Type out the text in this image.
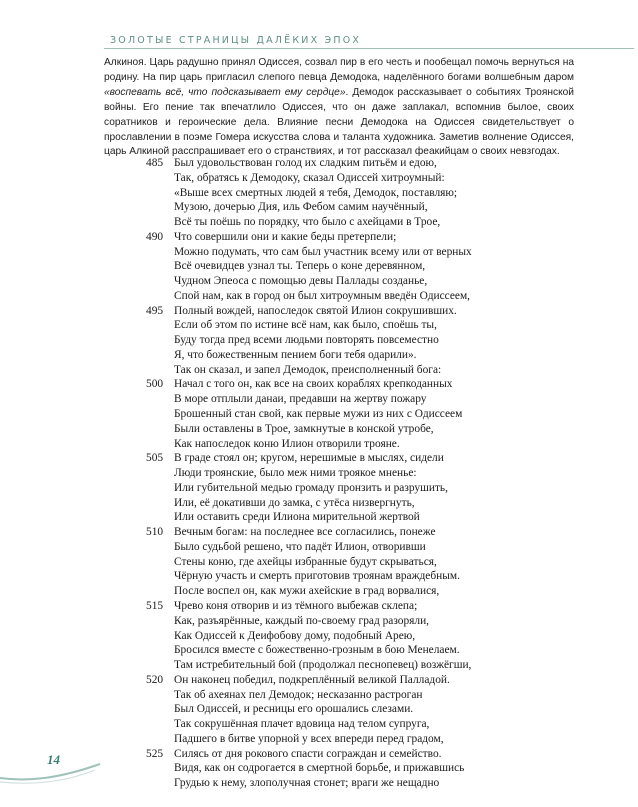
ЗОЛОТЫЕ СТРАНИЦЫ ДАЛЁКИХ ЭПОХ

Алкиноя. Царь радушно принял Одиссея, созвал пир в его честь и пообещал помочь вернуться на родину. На пир царь пригласил слепого певца Демодока, наделённого богами волшебным даром «воспевать всё, что подсказывает ему сердце». Демодок рассказывает о событиях Троянской войны. Его пение так впечатлило Одиссея, что он даже заплакал, вспомнив былое, своих соратников и героические дела. Влияние песни Демодока на Одиссея свидетельствует о прославлении в поэме Гомера искусства слова и таланта художника. Заметив волнение Одиссея, царь Алкиной расспрашивает его о странствиях, и тот рассказал феакийцам о своих невзгодах.

485 Был удовольствован голод их сладким питьём и едою,
Так, обратясь к Демодоку, сказал Одиссей хитроумный:
«Выше всех смертных людей я тебя, Демодок, поставляю;
Музою, дочерью Дия, иль Фебом самим научённый,
Всё ты поёшь по порядку, что было с ахейцами в Трое,
490 Что совершили они и какие беды претерпели;
Можно подумать, что сам был участник всему или от верных
Всё очевидцев узнал ты. Теперь о коне деревянном,
Чудном Эпеоса с помощью девы Паллады созданье,
Спой нам, как в город он был хитроумным введён Одиссеем,
495 Полный вождей, напоследок святой Илион сокрушивших.
Если об этом по истине всё нам, как было, споёшь ты,
Буду тогда пред всеми людьми повторять повсеместно
Я, что божественным пением боги тебя одарили».
Так он сказал, и запел Демодок, преисполненный бога:
500 Начал с того он, как все на своих кораблях крепкоданных
В море отплыли данаи, предавши на жертву пожару
Брошенный стан свой, как первые мужи из них с Одиссеем
Были оставлены в Трое, замкнутые в конской утробе,
Как напоследок коню Илион отворили трояне.
505 В граде стоял он; кругом, нерешимые в мыслях, сидели
Люди троянские, было меж ними троякое мненье:
Или губительной медью громаду пронзить и разрушить,
Или, её докативши до замка, с утёса низвергнуть,
Или оставить среди Илиона мирительной жертвой
510 Вечным богам: на последнее все согласились, понеже
Было судьбой решено, что падёт Илион, отворивши
Стены коню, где ахейцы избранные будут скрываться,
Чёрную участь и смерть приготовив троянам враждебным.
После воспел он, как мужи ахейские в град ворвалися,
515 Чрево коня отворив и из тёмного выбежав склепа;
Как, разъярённые, каждый по-своему град разоряли,
Как Одиссей к Деифобову дому, подобный Арею,
Бросился вместе с божественно-грозным в бою Менелаем.
Там истребительный бой (продолжал песнопевец) возжёгши,
520 Он наконец победил, подкреплённый великой Палладой.
Так об ахеянах пел Демодок; несказанно растроган
Был Одиссей, и ресницы его орошались слезами.
Так сокрушённая плачет вдовица над телом супруга,
Падшего в битве упорной у всех впереди перед градом,
525 Силясь от дня рокового спасти сограждан и семейство.
Видя, как он содрогается в смертной борьбе, и прижавшись
Грудью к нему, злополучная стонет; враги же нещадно
14
